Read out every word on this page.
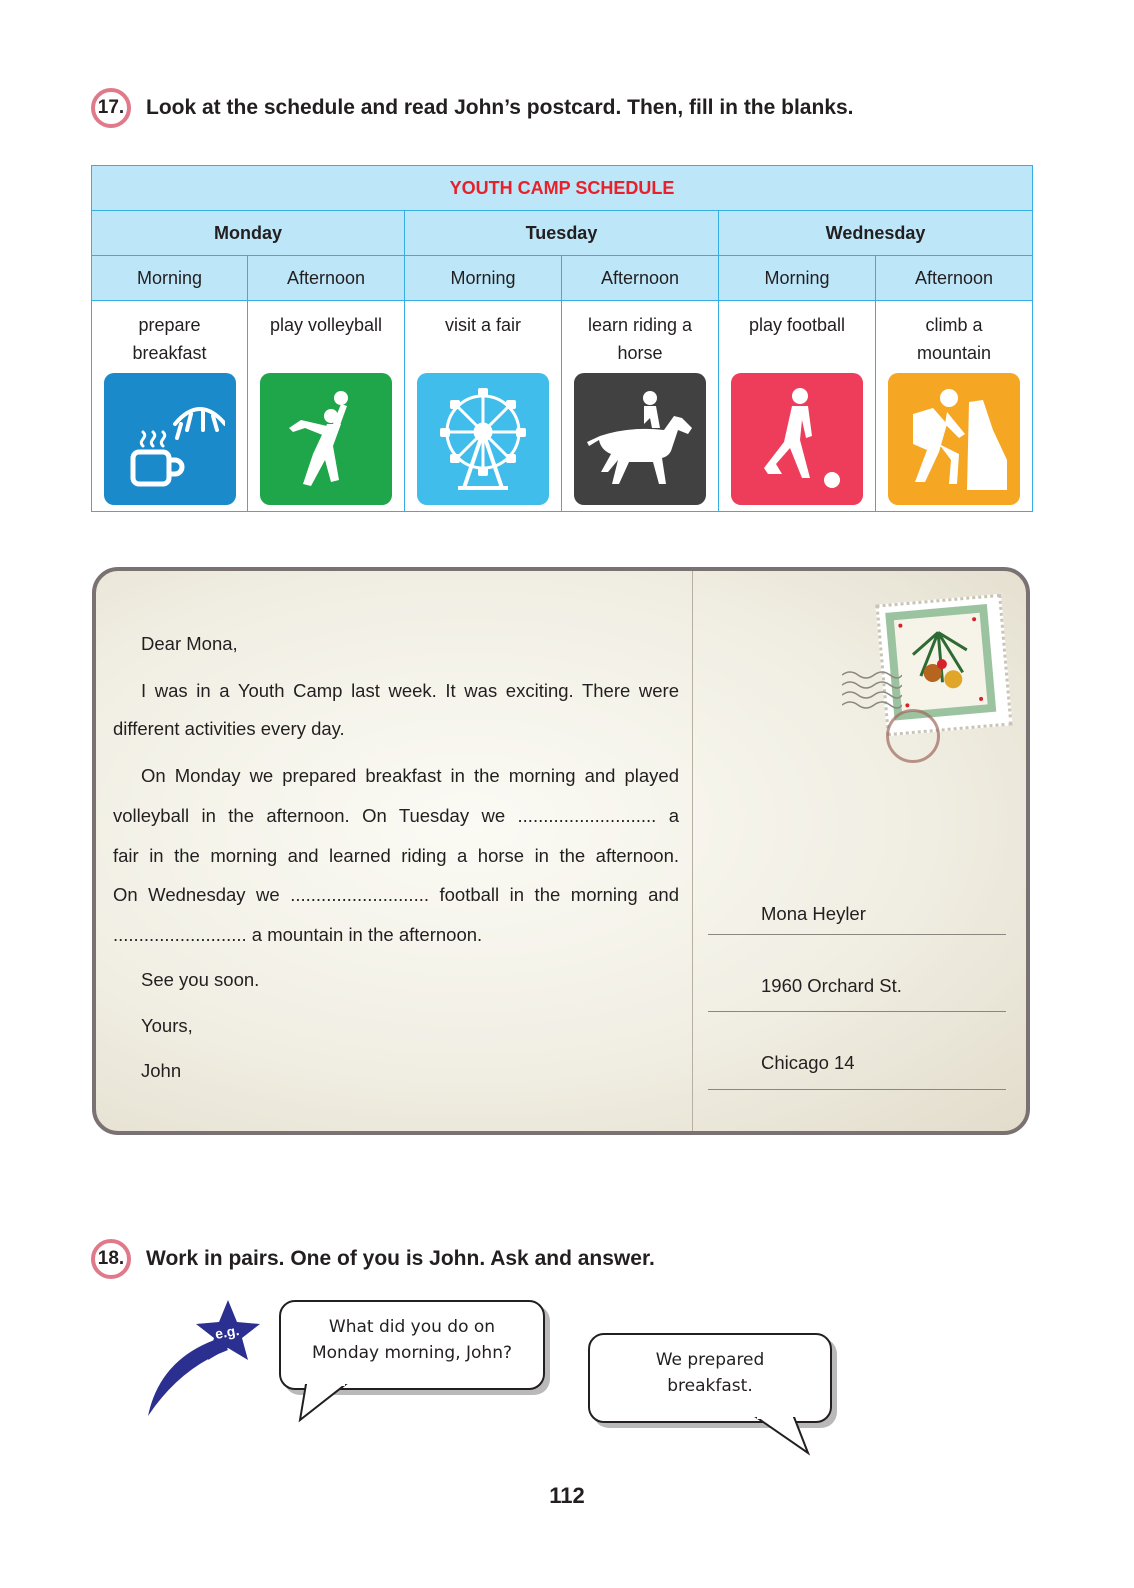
17. Look at the schedule and read John’s postcard. Then, fill in the blanks.
YOUTH CAMP SCHEDULE					
Monday		Tuesday		Wednesday	
Morning	Afternoon	Morning	Afternoon	Morning	Afternoon

prepare breakfast	play volleyball	visit a fair	learn riding a horse	play football	climb a mountain
Dear Mona,
I was in a Youth Camp last week. It was exciting. There were
different activities every day.
On Monday we prepared breakfast in the morning and played
volleyball in the afternoon. On Tuesday we ........................... a
fair in the morning and learned riding a horse in the afternoon.
On Wednesday we ........................... football in the morning and
.......................... a mountain in the afternoon.
See you soon.
Yours,
John
Mona Heyler
1960 Orchard St.
Chicago 14
18. Work in pairs. One of you is John. Ask and answer.
e.g.	What did you do on
Monday morning, John?	We prepared
breakfast.
112
